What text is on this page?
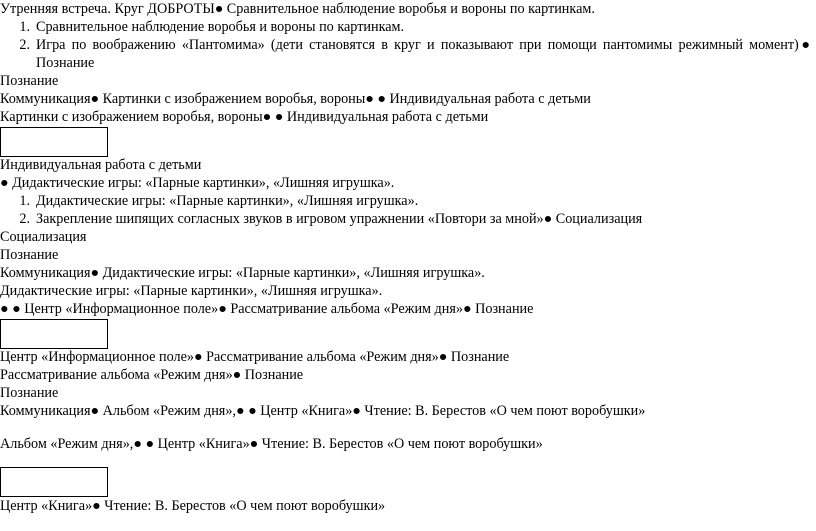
Утренняя встреча. Круг ДОБРОТЫ● Сравнительное наблюдение воробья и вороны по картинкам.
1. Сравнительное наблюдение воробья и вороны по картинкам.
2. Игра по воображению «Пантомима» (дети становятся в круг и показывают при помощи пантомимы режимный момент)● Познание
Познание
Коммуникация● Картинки с изображением воробья, вороны● ● Индивидуальная работа с детьми
Картинки с изображением воробья, вороны● ● Индивидуальная работа с детьми
Индивидуальная работа с детьми
● Дидактические игры: «Парные картинки», «Лишняя игрушка».
1. Дидактические игры: «Парные картинки», «Лишняя игрушка».
2. Закрепление шипящих согласных звуков в игровом упражнении «Повтори за мной»● Социализация
Социализация
Познание
Коммуникация● Дидактические игры: «Парные картинки», «Лишняя игрушка».
Дидактические игры: «Парные картинки», «Лишняя игрушка».
● ● Центр «Информационное поле»● Рассматривание альбома «Режим дня»● Познание
Центр «Информационное поле»● Рассматривание альбома «Режим дня»● Познание
Рассматривание альбома «Режим дня»● Познание
Познание
Коммуникация● Альбом «Режим дня»,● ● Центр «Книга»● Чтение: В. Берестов «О чем поют воробушки»
Альбом «Режим дня»,● ● Центр «Книга»● Чтение: В. Берестов «О чем поют воробушки»
Центр «Книга»● Чтение: В. Берестов «О чем поют воробушки»
